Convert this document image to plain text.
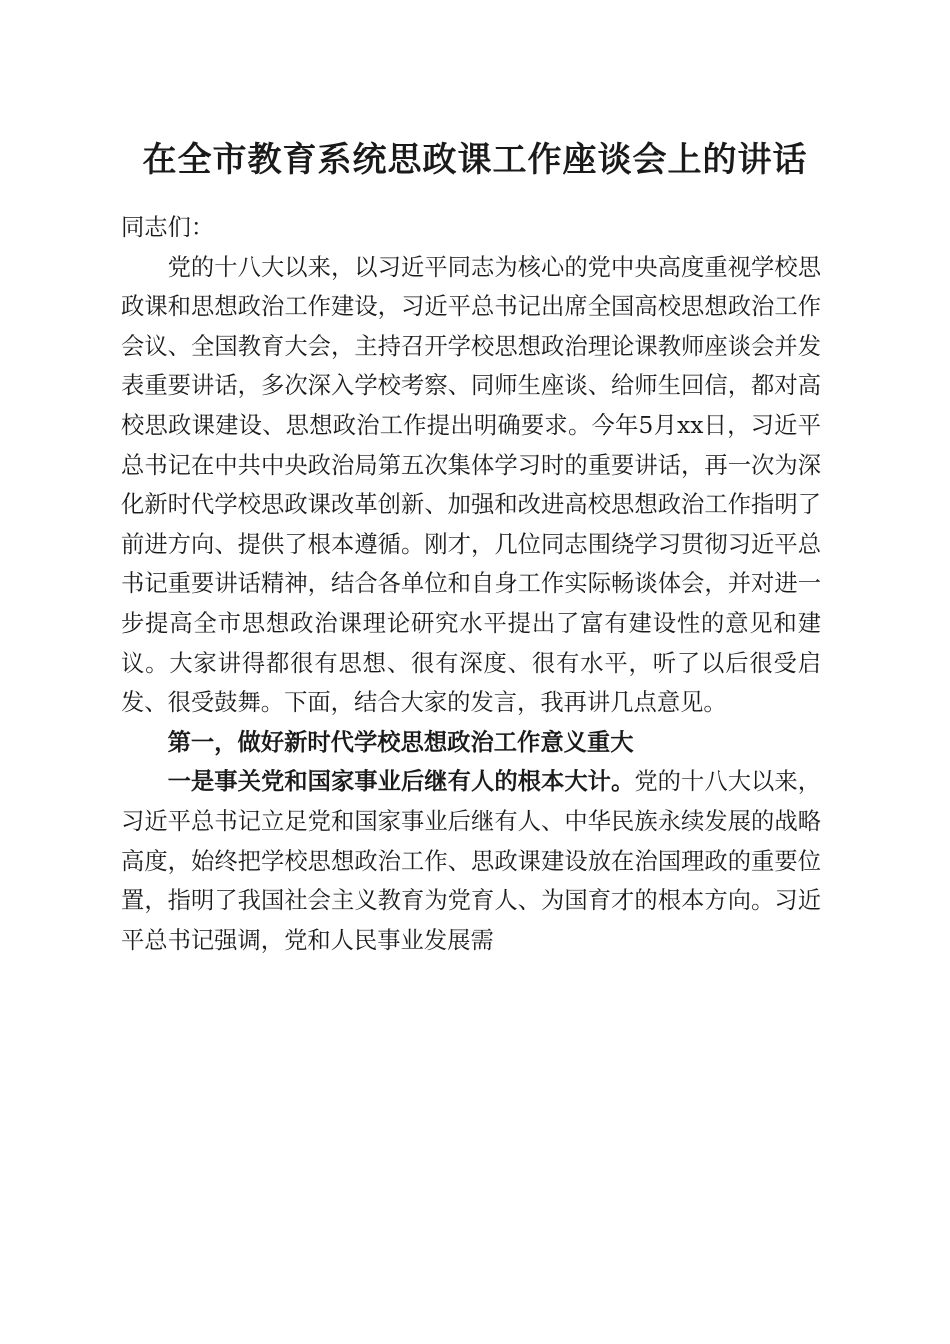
在全市教育系统思政课工作座谈会上的讲话

同志们：

党的十八大以来，以习近平同志为核心的党中央高度重视学校思政课和思想政治工作建设，习近平总书记出席全国高校思想政治工作会议、全国教育大会，主持召开学校思想政治理论课教师座谈会并发表重要讲话，多次深入学校考察、同师生座谈、给师生回信，都对高校思政课建设、思想政治工作提出明确要求。今年5月xx日，习近平总书记在中共中央政治局第五次集体学习时的重要讲话，再一次为深化新时代学校思政课改革创新、加强和改进高校思想政治工作指明了前进方向、提供了根本遵循。刚才，几位同志围绕学习贯彻习近平总书记重要讲话精神，结合各单位和自身工作实际畅谈体会，并对进一步提高全市思想政治课理论研究水平提出了富有建设性的意见和建议。大家讲得都很有思想、很有深度、很有水平，听了以后很受启发、很受鼓舞。下面，结合大家的发言，我再讲几点意见。

第一，做好新时代学校思想政治工作意义重大

一是事关党和国家事业后继有人的根本大计。党的十八大以来，习近平总书记立足党和国家事业后继有人、中华民族永续发展的战略高度，始终把学校思想政治工作、思政课建设放在治国理政的重要位置，指明了我国社会主义教育为党育人、为国育才的根本方向。习近平总书记强调，党和人民事业发展需
